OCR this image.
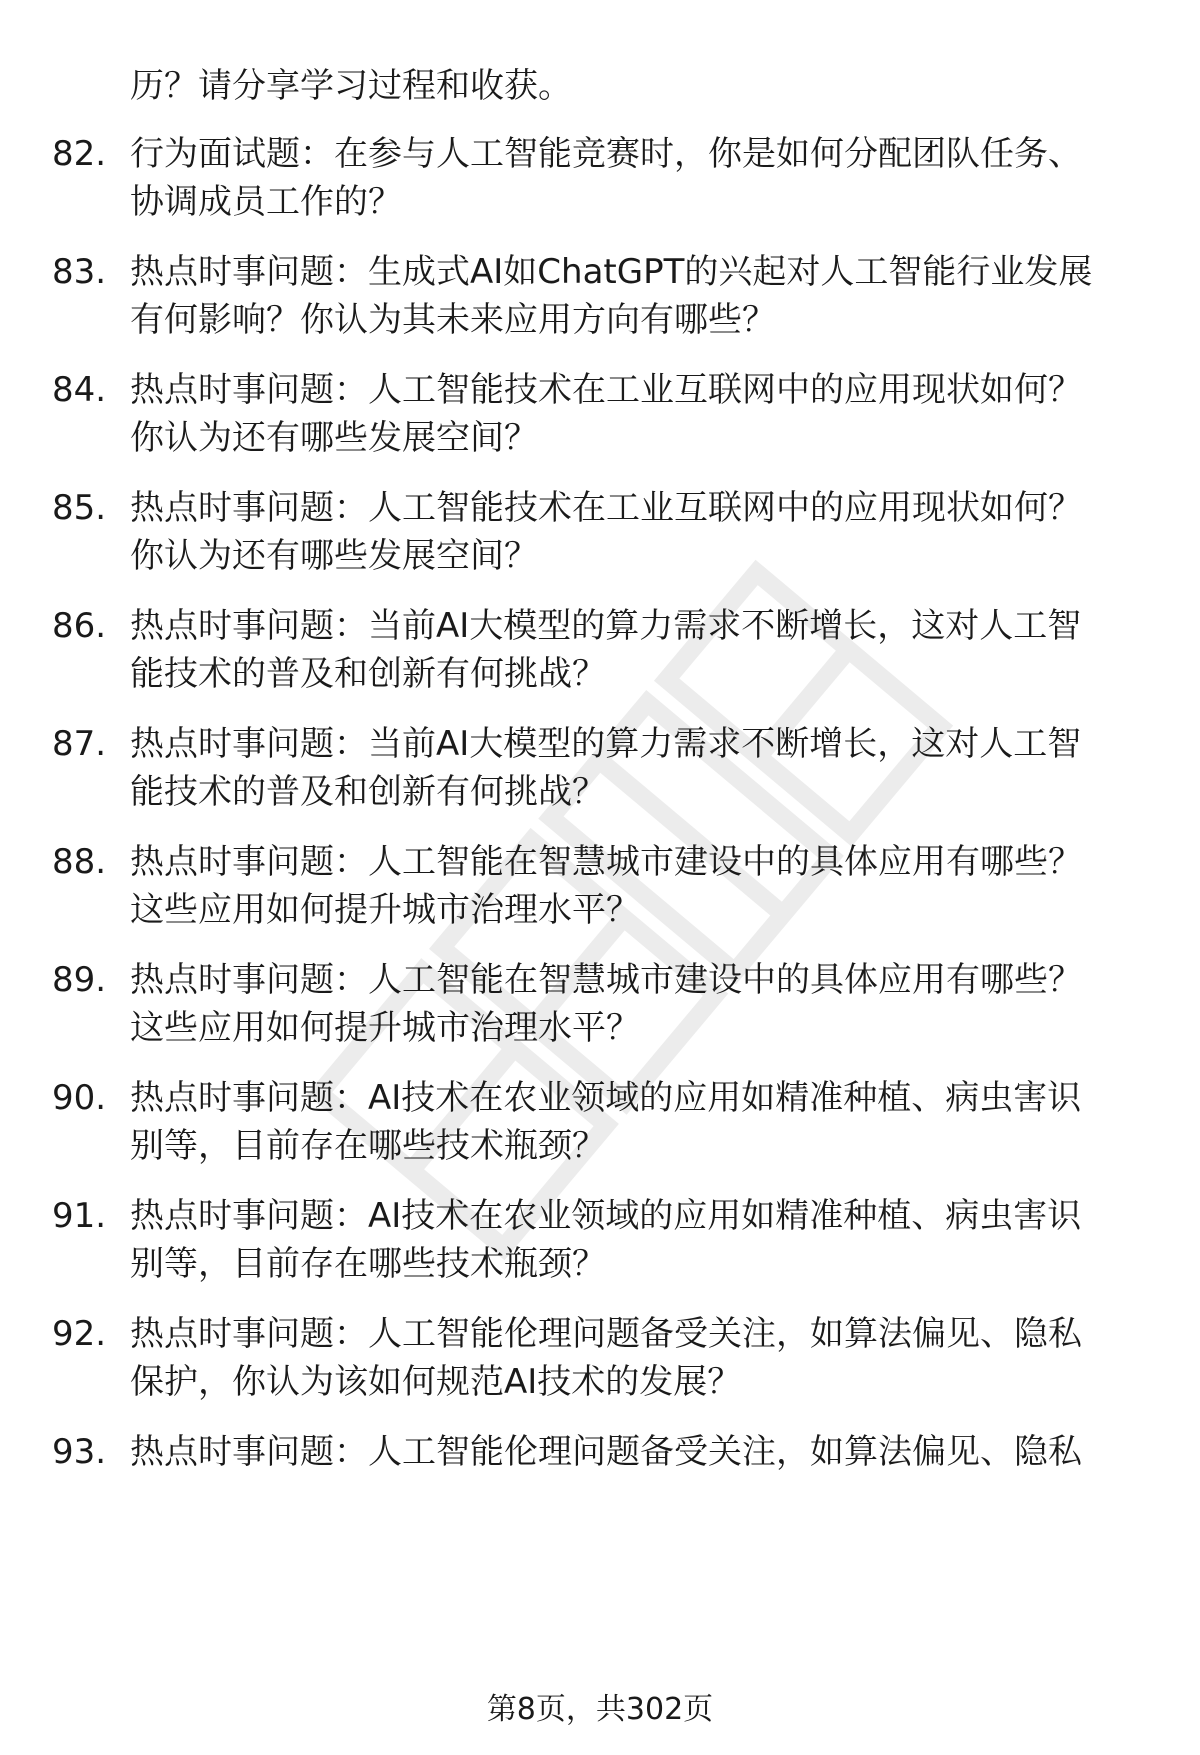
历？请分享学习过程和收获。
82. 行为面试题：在参与人工智能竞赛时，你是如何分配团队任务、
协调成员工作的？
83. 热点时事问题：生成式AI如ChatGPT的兴起对人工智能行业发展
有何影响？你认为其未来应用方向有哪些？
84. 热点时事问题：人工智能技术在工业互联网中的应用现状如何？
你认为还有哪些发展空间？
85. 热点时事问题：人工智能技术在工业互联网中的应用现状如何？
你认为还有哪些发展空间？
86. 热点时事问题：当前AI大模型的算力需求不断增长，这对人工智
能技术的普及和创新有何挑战？
87. 热点时事问题：当前AI大模型的算力需求不断增长，这对人工智
能技术的普及和创新有何挑战？
88. 热点时事问题：人工智能在智慧城市建设中的具体应用有哪些？
这些应用如何提升城市治理水平？
89. 热点时事问题：人工智能在智慧城市建设中的具体应用有哪些？
这些应用如何提升城市治理水平？
90. 热点时事问题：AI技术在农业领域的应用如精准种植、病虫害识
别等，目前存在哪些技术瓶颈？
91. 热点时事问题：AI技术在农业领域的应用如精准种植、病虫害识
别等，目前存在哪些技术瓶颈？
92. 热点时事问题：人工智能伦理问题备受关注，如算法偏见、隐私
保护，你认为该如何规范AI技术的发展？
93. 热点时事问题：人工智能伦理问题备受关注，如算法偏见、隐私
第8页，共302页
